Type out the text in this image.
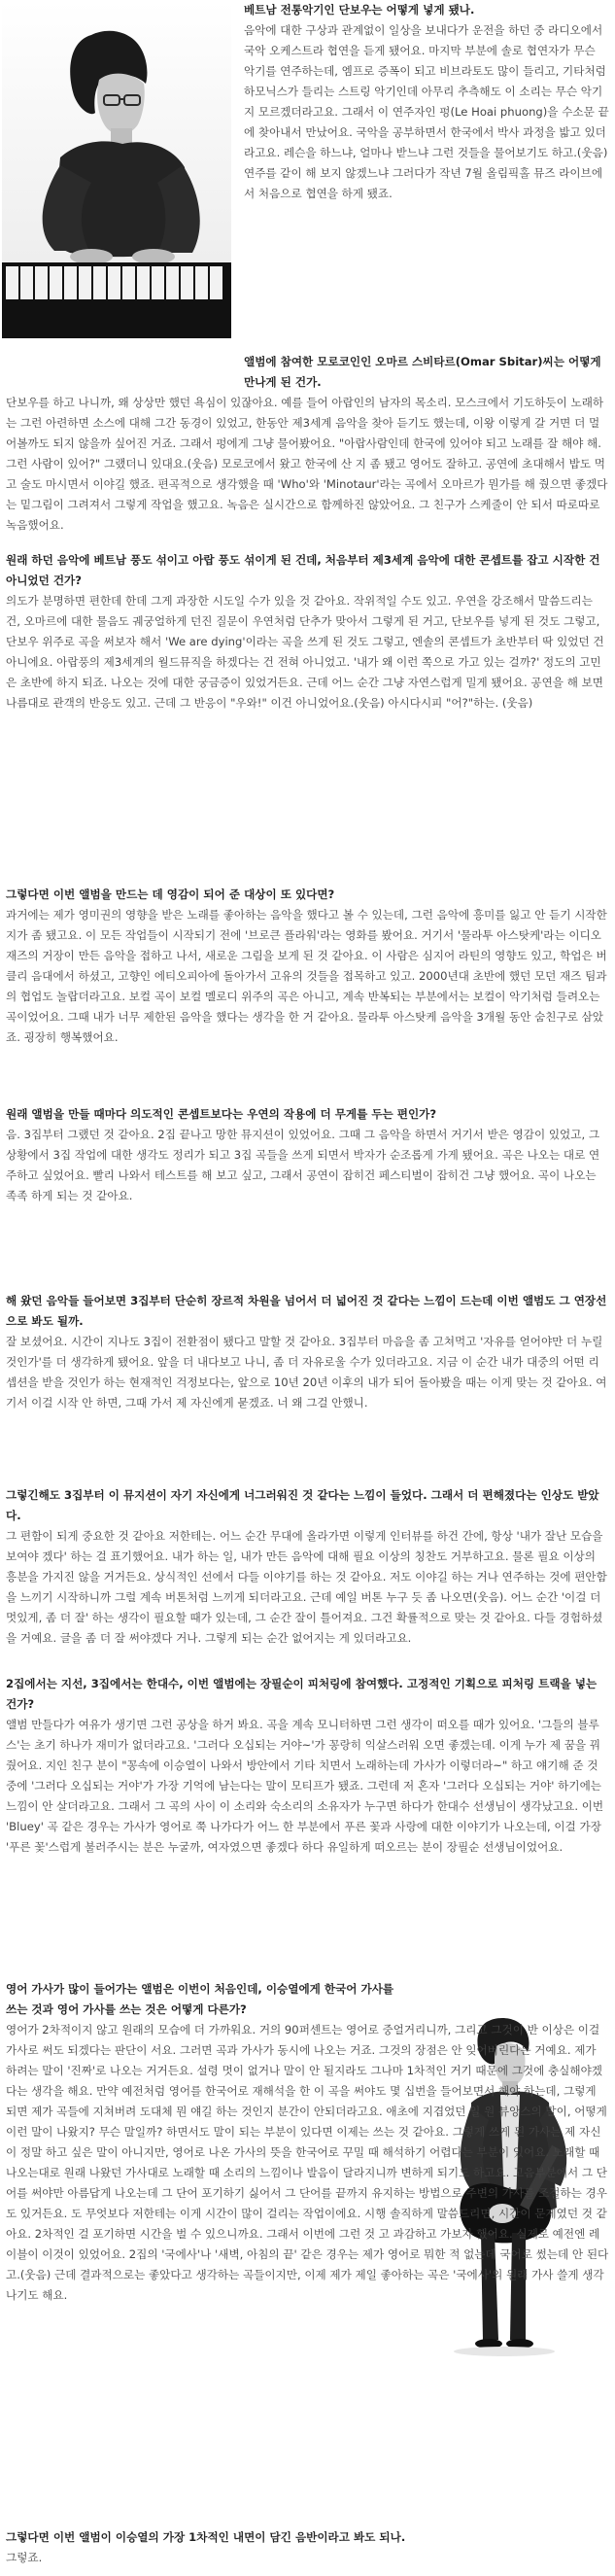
베트남 전통악기인 단보우는 어떻게 넣게 됐나.

음악에 대한 구상과 관계없이 일상을 보내다가 운전을 하던 중 라디오에서 국악 오케스트라 협연을 듣게 됐어요. 마지막 부분에 솔로 협연자가 무슨 악기를 연주하는데, 엠프로 증폭이 되고 비브라토도 많이 들리고, 기타처럼 하모닉스가 들리는 스트링 악기인데 아무리 추측해도 이 소리는 무슨 악기지 모르겠더라고요. 그래서 이 연주자인 펑(Le Hoai phuong)을 수소문 끝에 찾아내서 만났어요. 국악을 공부하면서 한국에서 박사 과정을 밟고 있더라고요. 레슨을 하느냐, 얼마나 받느냐 그런 것들을 물어보기도 하고.(웃음) 연주를 같이 해 보지 않겠느냐 그러다가 작년 7월 올림픽홀 뮤즈 라이브에서 처음으로 협연을 하게 됐죠.

앨범에 참여한 모로코인인 오마르 스비타르(Omar Sbitar)씨는 어떻게 만나게 된 건가.

단보우를 하고 나니까, 왜 상상만 했던 욕심이 있잖아요. 예를 들어 아랍인의 남자의 목소리. 모스크에서 기도하듯이 노래하는 그런 아련하면 소스에 대해 그간 동경이 있었고, 한동안 제3세계 음악을 찾아 듣기도 했는데, 이왕 이렇게 갈 거면 더 멀어볼까도 되지 않을까 싶어진 거죠. 그래서 펑에게 그냥 물어봤어요. "아랍사람인데 한국에 있어야 되고 노래를 잘 해야 해. 그런 사람이 있어?" 그랬더니 있대요.(웃음) 모로코에서 왔고 한국에 산 지 좀 됐고 영어도 잘하고. 공연에 초대해서 밥도 먹고 술도 마시면서 이야길 했죠. 편곡적으로 생각했을 때 'Who'와 'Minotaur'라는 곡에서 오마르가 뭔가를 해 줬으면 좋겠다는 밑그림이 그려져서 그렇게 작업을 했고요. 녹음은 실시간으로 함께하진 않았어요. 그 친구가 스케줄이 안 되서 따로따로 녹음했어요.

원래 하던 음악에 베트남 풍도 섞이고 아랍 풍도 섞이게 된 건데, 처음부터 제3세계 음악에 대한 콘셉트를 잡고 시작한 건 아니었던 건가?

의도가 분명하면 편한데 한데 그게 과장한 시도일 수가 있을 것 같아요. 작위적일 수도 있고. 우연을 강조해서 말씀드리는 건, 오마르에 대한 물음도 궤궁얼하게 던진 질문이 우연처럼 단추가 맞아서 그렇게 된 거고, 단보우를 넣게 된 것도 그렇고, 단보우 위주로 곡을 써보자 해서 'We are dying'이라는 곡을 쓰게 된 것도 그렇고, 엔솔의 콘셉트가 초반부터 딱 있었던 건 아니에요. 아랍풍의 제3세계의 월드뮤직을 하겠다는 건 전혀 아니었고. '내가 왜 이런 쪽으로 가고 있는 걸까?' 정도의 고민은 초반에 하지 되죠. 나오는 것에 대한 궁금증이 있었거든요. 근데 어느 순간 그냥 자연스럽게 밀게 됐어요. 공연을 해 보면 나름대로 관객의 반응도 있고. 근데 그 반응이 "우와!" 이건 아니었어요.(웃음) 아시다시피 "어?"하는. (웃음)

그렇다면 이번 앨범을 만드는 데 영감이 되어 준 대상이 또 있다면?

과거에는 제가 영미권의 영향을 받은 노래를 좋아하는 음악을 했다고 볼 수 있는데, 그런 음악에 흥미를 잃고 안 듣기 시작한 지가 좀 됐고요. 이 모든 작업들이 시작되기 전에 '브로큰 플라워'라는 영화를 봤어요. 거기서 '물라투 아스탓케'라는 이디오 재즈의 거장이 만든 음악을 접하고 나서, 새로운 그림을 보게 된 것 같아요. 이 사람은 심지어 라틴의 영향도 있고, 학업은 버클리 음대에서 하셨고, 고향인 에티오피아에 돌아가서 고유의 것들을 접목하고 있고. 2000년대 초반에 했던 모던 재즈 팀과의 협업도 놀랍더라고요. 보컬 곡이 보컬 멜로디 위주의 곡은 아니고, 계속 반복되는 부분에서는 보컬이 악기처럼 들려오는 곡이었어요. 그때 내가 너무 제한된 음악을 했다는 생각을 한 거 같아요. 물라투 아스탓케 음악을 3개월 동안 숨친구로 삼았죠. 굉장히 행복했어요.

원래 앨범을 만들 때마다 의도적인 콘셉트보다는 우연의 작용에 더 무게를 두는 편인가?

음. 3집부터 그랬던 것 같아요. 2집 끝나고 망한 뮤지션이 있었어요. 그때 그 음악을 하면서 거기서 받은 영감이 있었고, 그 상황에서 3집 작업에 대한 생각도 정리가 되고 3집 곡들을 쓰게 되면서 박자가 순조롭게 가게 됐어요. 곡은 나오는 대로 연주하고 싶었어요. 빨리 나와서 테스트를 해 보고 싶고, 그래서 공연이 잡히건 페스티벌이 잡히건 그냥 했어요. 곡이 나오는 족족 하게 되는 것 같아요.

해 왔던 음악들 들어보면 3집부터 단순히 장르적 차원을 넘어서 더 넓어진 것 같다는 느낌이 드는데 이번 앨범도 그 연장선으로 봐도 될까.

잘 보셨어요. 시간이 지나도 3집이 전환점이 됐다고 말할 것 같아요. 3집부터 마음을 좀 고쳐먹고 '자유를 얻어야만 더 누릴 것인가'를 더 생각하게 됐어요. 앞을 더 내다보고 나니, 좀 더 자유로울 수가 있더라고요. 지금 이 순간 내가 대중의 어떤 리셉션을 받을 것인가 하는 현재적인 걱정보다는, 앞으로 10년 20년 이후의 내가 되어 돌아봤을 때는 이게 맞는 것 같아요. 여기서 이걸 시작 안 하면, 그때 가서 제 자신에게 묻겠죠. 너 왜 그걸 안했니.

그렇긴해도 3집부터 이 뮤지션이 자기 자신에게 너그러워진 것 같다는 느낌이 들었다. 그래서 더 편해졌다는 인상도 받았다.

그 편함이 되게 중요한 것 같아요 저한테는. 어느 순간 무대에 올라가면 이렇게 인터뷰를 하건 간에, 항상 '내가 잘난 모습을 보여야 겠다' 하는 걸 표기했어요. 내가 하는 일, 내가 만든 음악에 대해 필요 이상의 칭찬도 거부하고요. 물론 필요 이상의 흥분을 가지진 않을 거거든요. 상식적인 선에서 다들 이야기를 하는 것 같아요. 저도 이야길 하는 거나 연주하는 것에 편안함을 느끼기 시작하니까 그럴 계속 버톤처럼 느끼게 되더라고요. 근데 예일 버톤 누구 듯 좀 나오면(웃음). 어느 순간 '이걸 더 멋있게, 좀 더 잘' 하는 생각이 필요할 때가 있는데, 그 순간 잘이 틀어져요. 그건 확률적으로 맞는 것 같아요. 다들 경험하셨을 거예요. 글을 좀 더 잘 써야겠다 거나. 그렇게 되는 순간 없어지는 게 있더라고요.

2집에서는 지선, 3집에서는 한대수, 이번 앨범에는 장필순이 피처링에 참여했다. 고정적인 기획으로 피처링 트랙을 넣는 건가?

앨범 만들다가 여유가 생기면 그런 공상을 하거 봐요. 곡을 계속 모니터하면 그런 생각이 떠오를 때가 있어요. '그들의 블루스'는 초기 하나가 재미가 없더라고요. '그러다 오십되는 거야~'가 꽁랑히 익살스러워 오면 좋겠는데. 이게 누가 제 꿈을 꿔 줬어요. 지인 친구 분이 "꽁속에 이승열이 나와서 방안에서 기타 치면서 노래하는데 가사가 이렇더라~" 하고 얘기해 준 것 중에 '그러다 오십되는 거야'가 가장 기억에 남는다는 말이 모티프가 됐죠. 그런데 저 혼자 '그러다 오십되는 거야' 하기에는 느낌이 안 살더라고요. 그래서 그 곡의 사이 이 소리와 숙소리의 소유자가 누구면 하다가 한대수 선생님이 생각났고요. 이번 'Bluey' 곡 같은 경우는 가사가 영어로 쭉 나가다가 어느 한 부분에서 푸른 꽃과 사랑에 대한 이야기가 나오는데, 이걸 가장 '푸른 꽃'스럽게 불러주시는 분은 누굴까, 여자였으면 좋겠다 하다 유일하게 떠오르는 분이 장필순 선생님이었어요.

영어 가사가 많이 들어가는 앨범은 이번이 처음인데, 이승열에게 한국어 가사를 쓰는 것과 영어 가사를 쓰는 것은 어떻게 다른가?

영어가 2차적이지 않고 원래의 모습에 더 가까워요. 거의 90퍼센트는 영어로 중얼거리니까, 그리고 그것이 반 이상은 이걸 가사로 써도 되겠다는 판단이 서요. 그러면 곡과 가사가 동시에 나오는 거죠. 그것의 장점은 안 잊어버린다는 거예요. 제가 하려는 말이 '진짜'로 나오는 거거든요. 설령 멋이 없거나 말이 안 될지라도 그나마 1차적인 거기 때문에 그것에 충실해야겠다는 생각을 해요. 만약 예전처럼 영어를 한국어로 재해석을 한 이 곡을 써야도 몇 십번을 들어보면서 해야 하는데, 그렇게 되면 제가 곡들에 지쳐버려 도대체 뭔 얘길 하는 것인지 분간이 안되더라고요. 애초에 지겹었던 일 원 뷰앙스의 말이, 어떻게 이런 말이 나왔지? 무슨 말일까? 하면서도 말이 되는 부분이 있다면 이제는 쓰는 것 같아요. 그렇게 쓰게 된 가사는 제 자신이 정말 하고 싶은 말이 아니지만, 영어로 나온 가사의 뜻을 한국어로 꾸밀 때 해석하기 어렵다는 부분이 있어요. 노래할 때 나오는대로 원래 나왔던 가사대로 노래할 때 소리의 느낌이나 발음이 달라지니까 변하게 되기도 하고요. 고음부분에서 그 단어를 써야만 아름답게 나오는데 그 단어 포기하기 싫어서 그 단어를 끝까지 유지하는 방법으로 주변의 가사를 조절하는 경우도 있거든요. 도 무엇보다 저한테는 이게 시간이 많이 걸리는 작업이에요. 시행 솔직하게 말씀드리면, 시간이 문제였던 것 같아요. 2차적인 걸 포기하면 시간을 벌 수 있으니까요. 그래서 이번에 그런 것 고 과감하고 가보자 했어요. 실제로 예전엔 레이블이 이것이 있었어요. 2집의 '국에사'나 '새벽, 아침의 끝' 같은 경우는 제가 영어로 뭐한 적 없는데 국어로 썼는데 안 된다고.(웃음) 근데 결과적으로는 좋았다고 생각하는 곡들이지만, 이제 제가 제일 좋아하는 곡은 '국에사'의 원래 가사 쓸게 생각나기도 해요.

그렇다면 이번 앨범이 이승열의 가장 1차적인 내면이 담긴 음반이라고 봐도 되나.

그렇죠.
